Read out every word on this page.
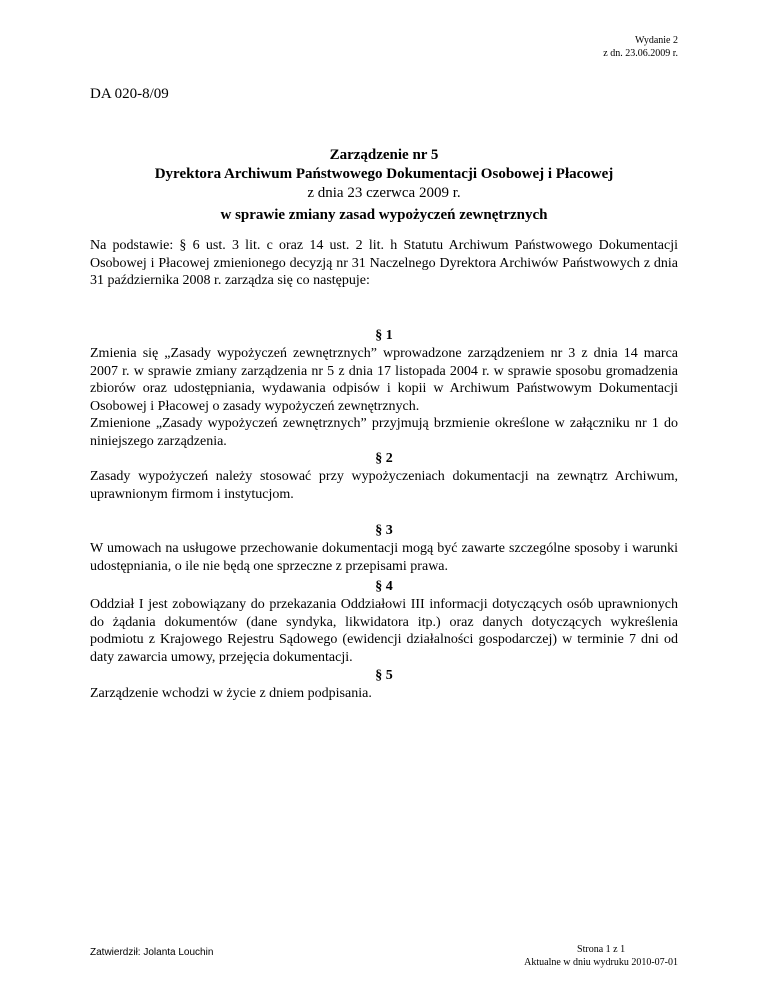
Wydanie 2
z dn. 23.06.2009 r.
DA 020-8/09
Zarządzenie nr 5
Dyrektora Archiwum Państwowego Dokumentacji Osobowej i Płacowej
z dnia 23 czerwca 2009 r.
w sprawie zmiany zasad wypożyczeń zewnętrznych
Na podstawie: § 6 ust. 3 lit. c oraz 14 ust. 2 lit. h Statutu Archiwum Państwowego Dokumentacji Osobowej i Płacowej zmienionego decyzją nr 31 Naczelnego Dyrektora Archiwów Państwowych z dnia 31 października 2008 r. zarządza się co następuje:

§ 1

Zmienia się „Zasady wypożyczeń zewnętrznych” wprowadzone zarządzeniem nr 3 z dnia 14 marca 2007 r. w sprawie zmiany zarządzenia nr 5 z dnia 17 listopada 2004 r. w sprawie sposobu gromadzenia zbiorów oraz udostępniania, wydawania odpisów i kopii w Archiwum Państwowym Dokumentacji Osobowej i Płacowej o zasady wypożyczeń zewnętrznych.

Zmienione „Zasady wypożyczeń zewnętrznych” przyjmują brzmienie określone w załączniku nr 1 do niniejszego zarządzenia.

§ 2

Zasady wypożyczeń należy stosować przy wypożyczeniach dokumentacji na zewnątrz Archiwum, uprawnionym firmom i instytucjom.

§ 3

W umowach na usługowe przechowanie dokumentacji mogą być zawarte szczególne sposoby i warunki udostępniania, o ile nie będą one sprzeczne z przepisami prawa.

§ 4

Oddział I jest zobowiązany do przekazania Oddziałowi III informacji dotyczących osób uprawnionych do żądania dokumentów (dane syndyka, likwidatora itp.) oraz danych dotyczących wykreślenia podmiotu z Krajowego Rejestru Sądowego (ewidencji działalności gospodarczej) w terminie 7 dni od daty zawarcia umowy, przejęcia dokumentacji.

§ 5

Zarządzenie wchodzi w życie z dniem podpisania.

Zatwierdził: Jolanta Louchin	Strona 1 z 1
Aktualne w dniu wydruku 2010-07-01
